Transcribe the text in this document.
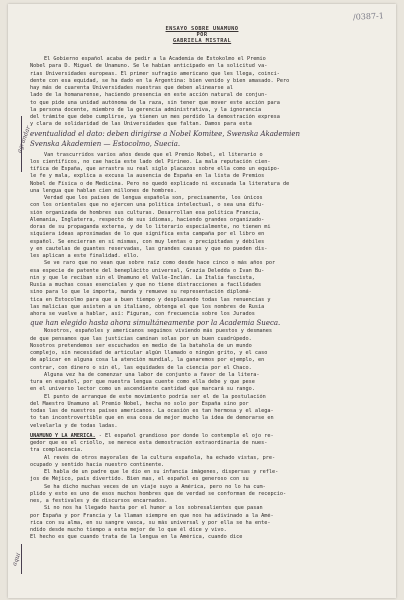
/0387-1
ENSAYO SOBRE UNAMUNO
POR
GABRIELA MISTRAL
agrandar
aqui
El Gobierno español acaba de pedir a la Academia de Estokolmo el Premio
Nobel para D. Miguel de Unamuno. Se le habían anticipado en la solicitud va-
rias Universidades europeas. El primer sufragio americano que les llega, coinci-
dente con esa equidad, se ha dado en la Argentina: bien venido y bien amasado. Pero
hay más de cuarenta Universidades nuestras que deben alinearse al
lado de la homanarense, haciendo presencia en este acción natural de conjun-
to que pide una unidad autónoma de la raza, sin tener que mover este acción para
la persona docente, miembro de la gerencia administrativa, y la ignorancia
del trámite que debe cumplirse, ya tienen un mes perdido la demostración expresa
y clara de solidaridad de las Universidades que faltan. Damos para esta
eventualidad el dato: deben dirigirse a Nobel Komitee, Swenska Akademien
Svenska Akademien — Estocolmo, Suecia.
Van trascurridos varios años desde que el Premio Nobel, el literario o
los científicos, no cae hacia este lado del Pirineo. La mala reputación cien-
tífica de España, que arrastra su real siglo placazos sobre ella como un equipo-
le fe y mala, explica a excusa la ausencia de España en la lista de Premios
Nobel de Física o de Medicina. Pero no quedó explicado ni excusada la literatura de
una lengua que hablan cien millones de hombres.
Verdad que los países de lengua española son, precisamente, los únicos
con los orientales que no ejercen una política intelectual, o sea una difu-
sión organizada de hombres sus culturas. Desarrollan esa política Francia,
Alemania, Inglaterra, respecto de sus idiomas, haciendo grandes organizado-
doras de su propaganda externa, y de lo literario especialmente, no tienen mi
siquiera ideas aproximadas de lo que significa esta campaña por el libro en
español. Se encierran en sí mismas, con muy lentas o precipitadas y débiles
y en cautelas de guantes reservadas, las grandes causas y que no pueden dis-
les aplican a este finalidad. ello.
Se ve raro que no vean que sobre raíz como desde hace cinco o más años por
esa especie de patente del beneplácito universal, Grazia Deledda o Ivan Bu-
nin y que le reciban sin el Unamuno el Valle-Inclán. La Italia fascista,
Rusia a muchas cosas esenciales y que no tiene distracciones a facilidades
sino para lo que le importa, manda y remueve su representación diplomá-
tica en Estocolmo para que a buen tiempo y desplazando todas las renuencias y
las malicias que asisten a un italiano, obtenga el que los nombres de Rusia
ahora se vuelve a hablar, así: Figuran, con frecuencia sobre los Jurados
que han elegido hasta ahora simultáneamente por la Academia Sueca.
Nosotros, españoles y americanos seguimos viviendo más puestos y desmanes
de que pensamos que las justicias caminan solas por un buen cuadrúpedo.
Nosotros pretendemos ser escuchados en medio de la batahola de un mundo
complejo, sin necesidad de articular algún llamado o ningún grito, y el caso
de aplicar en alguna cosa la atención mundial, la ganaremos por ejemplo, en
contrar, con dinero o sin él, las equidades de la ciencia por el Chaco.
Alguna vez ha de comenzar una labor de conjunto a favor de la litera-
tura en español, por que nuestra lengua cuente como ella debe y que pese
en el universo lector como un ascendiente cantidad que marcará su rango.
El punto de arranque de este movimiento podría ser el de la postulación
del Maestro Unamuno al Premio Nobel, hecha no solo por España sino por
todas las de nuestros países americanos. La ocasión es tan hermosa y el alega-
to tan incontrovertible que en esa cosa de mejor mucho la idea de demorarse en
velvelarla y de todas ladas.
UNAMUNO Y LA AMERICA. - El español grandioso por donde lo contemple el ojo re-
gedor que es el criollo, se merece esta demostración extraordinaria de nues-
tra complacencia.
Al revés de otros mayorales de la cultura española, ha echado vistas, pre-
ocupado y sentido hacia nuestro continente.
Él habla de un padre que le dio en su infancia imágenes, dispersas y refle-
jos de Méjico, país divertido. Bien mas, el español es generoso con su
Se ha dicho muchas veces de un viaje suyo a América, pero no lo ha cum-
plido y esto es uno de esos muchos hombres que de verdad se conforman de recepcio-
nes, a festivales y de discursos encarnados.
Si no nos ha llegado hasta por el humor a los sobresalientes que pasan
por España y por Francia y la llaman siempre en que nos ha adivinado a la Amé-
rica con su alma, en su sangre vasca, su más universal y por ella se ha ente-
ndido desde mucho tiempo a esta mejor de lo que él dice y vivo.
El hecho es que cuando trata de la lengua en la América, cuando dice
